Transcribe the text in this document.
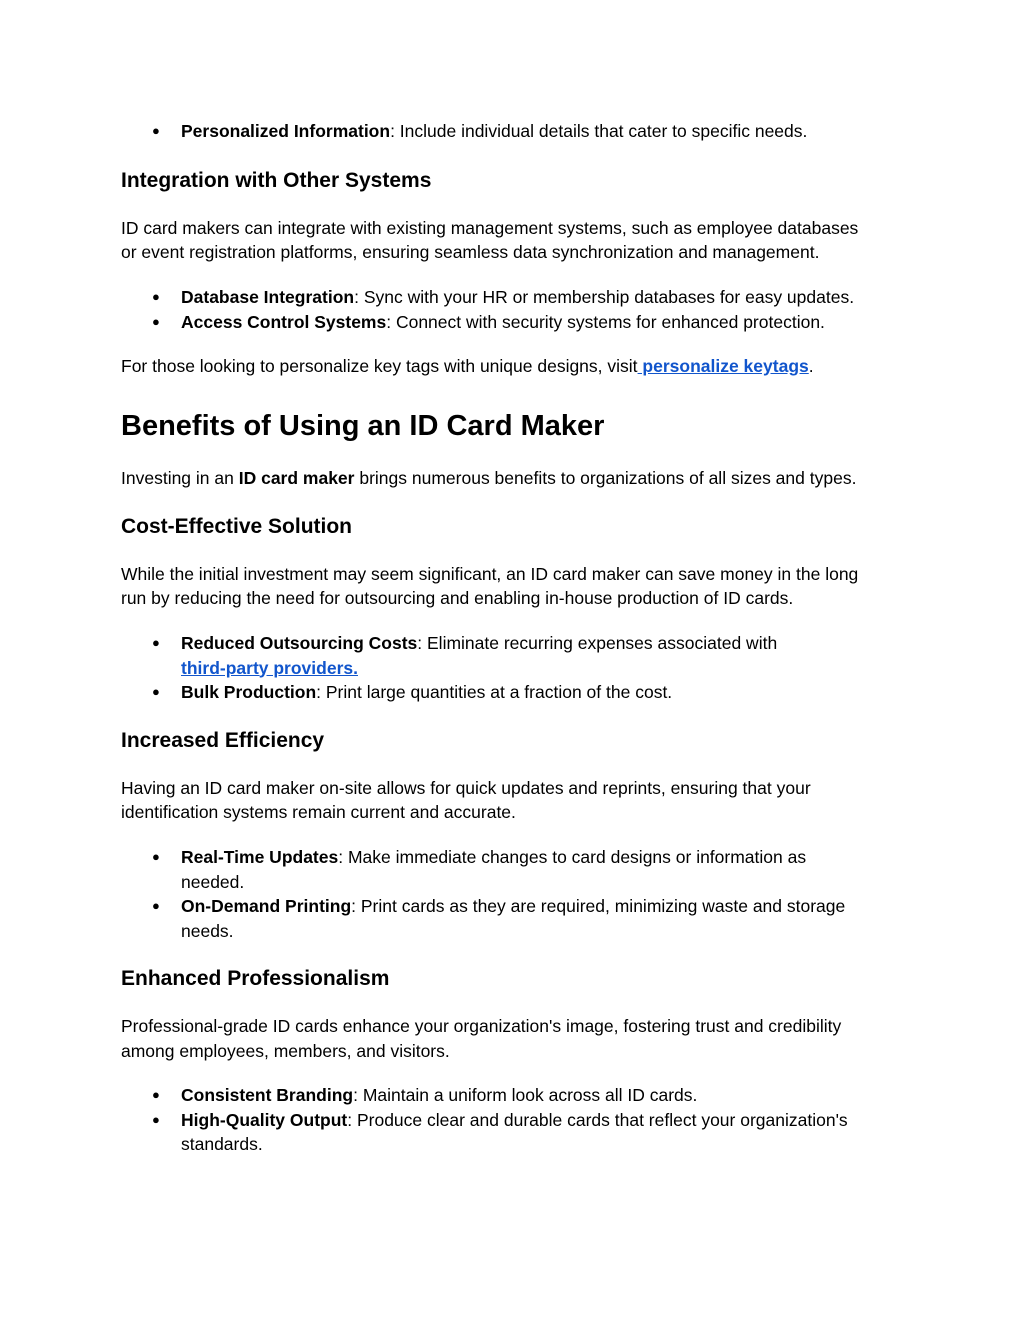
● Personalized Information: Include individual details that cater to specific needs.
Integration with Other Systems
ID card makers can integrate with existing management systems, such as employee databases
or event registration platforms, ensuring seamless data synchronization and management.
● Database Integration: Sync with your HR or membership databases for easy updates.
● Access Control Systems: Connect with security systems for enhanced protection.
For those looking to personalize key tags with unique designs, visit personalize keytags.
Benefits of Using an ID Card Maker
Investing in an ID card maker brings numerous benefits to organizations of all sizes and types.
Cost-Effective Solution
While the initial investment may seem significant, an ID card maker can save money in the long
run by reducing the need for outsourcing and enabling in-house production of ID cards.
● Reduced Outsourcing Costs: Eliminate recurring expenses associated with
third-party providers.
● Bulk Production: Print large quantities at a fraction of the cost.
Increased Efficiency
Having an ID card maker on-site allows for quick updates and reprints, ensuring that your
identification systems remain current and accurate.
● Real-Time Updates: Make immediate changes to card designs or information as
needed.
● On-Demand Printing: Print cards as they are required, minimizing waste and storage
needs.
Enhanced Professionalism
Professional-grade ID cards enhance your organization's image, fostering trust and credibility
among employees, members, and visitors.
● Consistent Branding: Maintain a uniform look across all ID cards.
● High-Quality Output: Produce clear and durable cards that reflect your organization's
standards.
